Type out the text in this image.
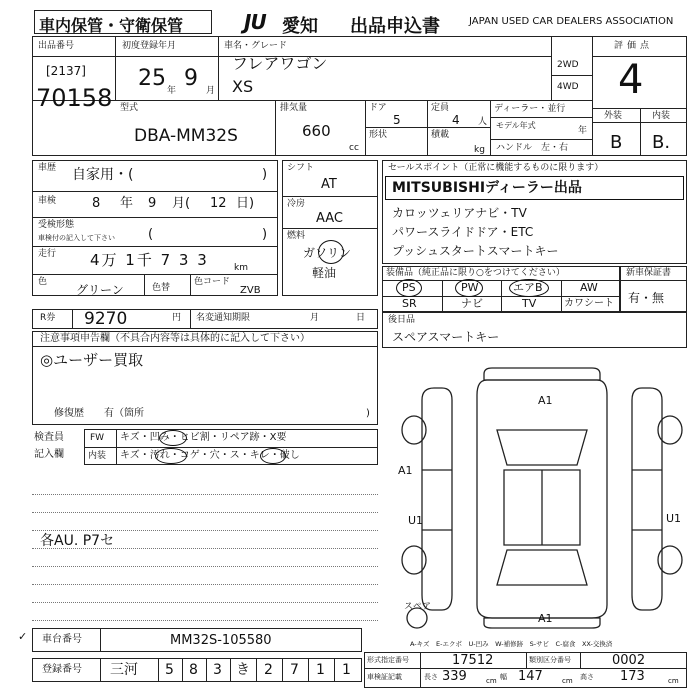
車内保管・守衛保管	JU 愛知 出品申込書	JAPAN USED CAR DEALERS ASSOCIATION
出品番号
[2137]
70158
初度登録年月
25 年 9 月
車名・グレード
フレアワゴン
XS
2WD
4WD
評価点
4
外装	内装
B B.
型式
DBA-MM32S
排気量
660
cc
ドア
5
形状
定員
4 人
積載
kg
ディーラー・並行
モデル年式
年
ハンドル　左・右
車歴 自家用・(	)
車検	8 年 9 月( 12 日)
受検形態
車検付の記入して下さい	(	)
走行 4万 1千 7 3 3	km
色
グリーン	色替
色コード
ZVB
シフト
AT
冷房
AAC
燃料
ガソリン
軽油
セールスポイント（正常に機能するものに限ります）
MITSUBISHIディーラー出品
カロッツェリアナビ・TV
パワースライドドア・ETC
プッシュスタートスマートキー
装備品（純正品に限り○をつけてください）
PS	PW	エアB	AW
SR	ナビ	TV	カワシート
新車保証書
有・無
R券 9270	円 名変通知期限	月	日	後日品
スペアスマートキー
注意事項申告欄（不具合内容等は具体的に記入して下さい）
◎ユーザー買取
修復歴　　有（箇所	)
検査員
記入欄
FW キズ・凹み・ヒビ割・リペア跡・X要
内装 キズ・汚れ・コゲ・穴・ス・キレ・破し
各AU. P7セ
A1
A1
U1	U1
A1
スペア
A-キズ　E-エクボ　U-凹み　W-補修跡　S-サビ　C-腐食　XX-交換済
✓ 車台番号	MM32S-105580
登録番号 三河 5 8 3 き 2 7 1 1
形式指定番号	17512	類別区分番号	0002
車検証記載	長さ 339	cm 幅 147	cm 高さ 173	cm
